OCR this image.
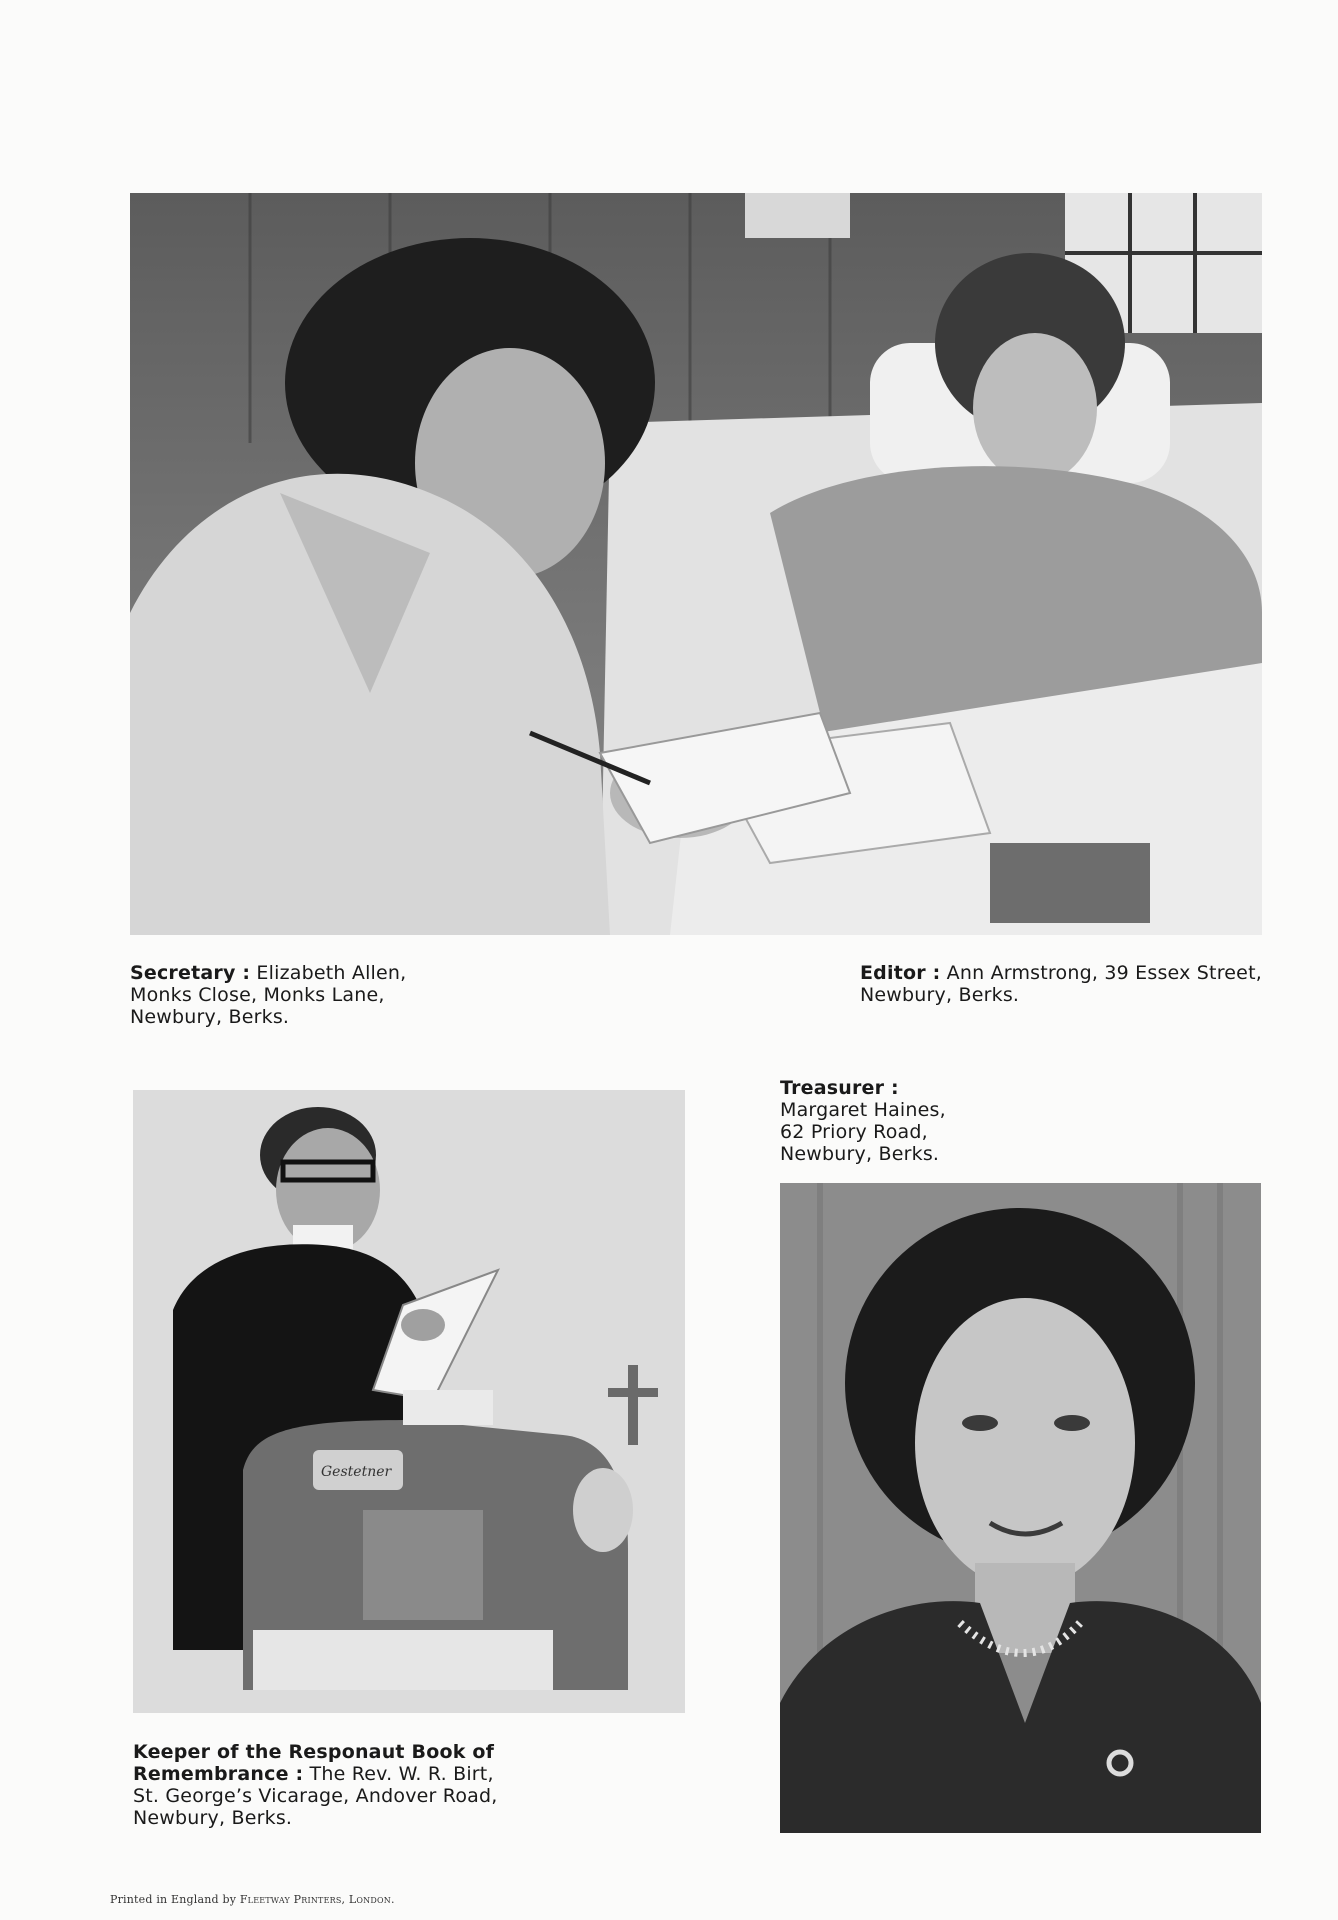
Secretary : Elizabeth Allen,
Monks Close, Monks Lane,
Newbury, Berks.
Editor : Ann Armstrong, 39 Essex Street,
Newbury, Berks.
Treasurer :
Margaret Haines,
62 Priory Road,
Newbury, Berks.
Gestetner
Keeper of the Responaut Book of
Remembrance : The Rev. W. R. Birt,
St. George’s Vicarage, Andover Road,
Newbury, Berks.
Printed in England by Fleetway Printers, London.
